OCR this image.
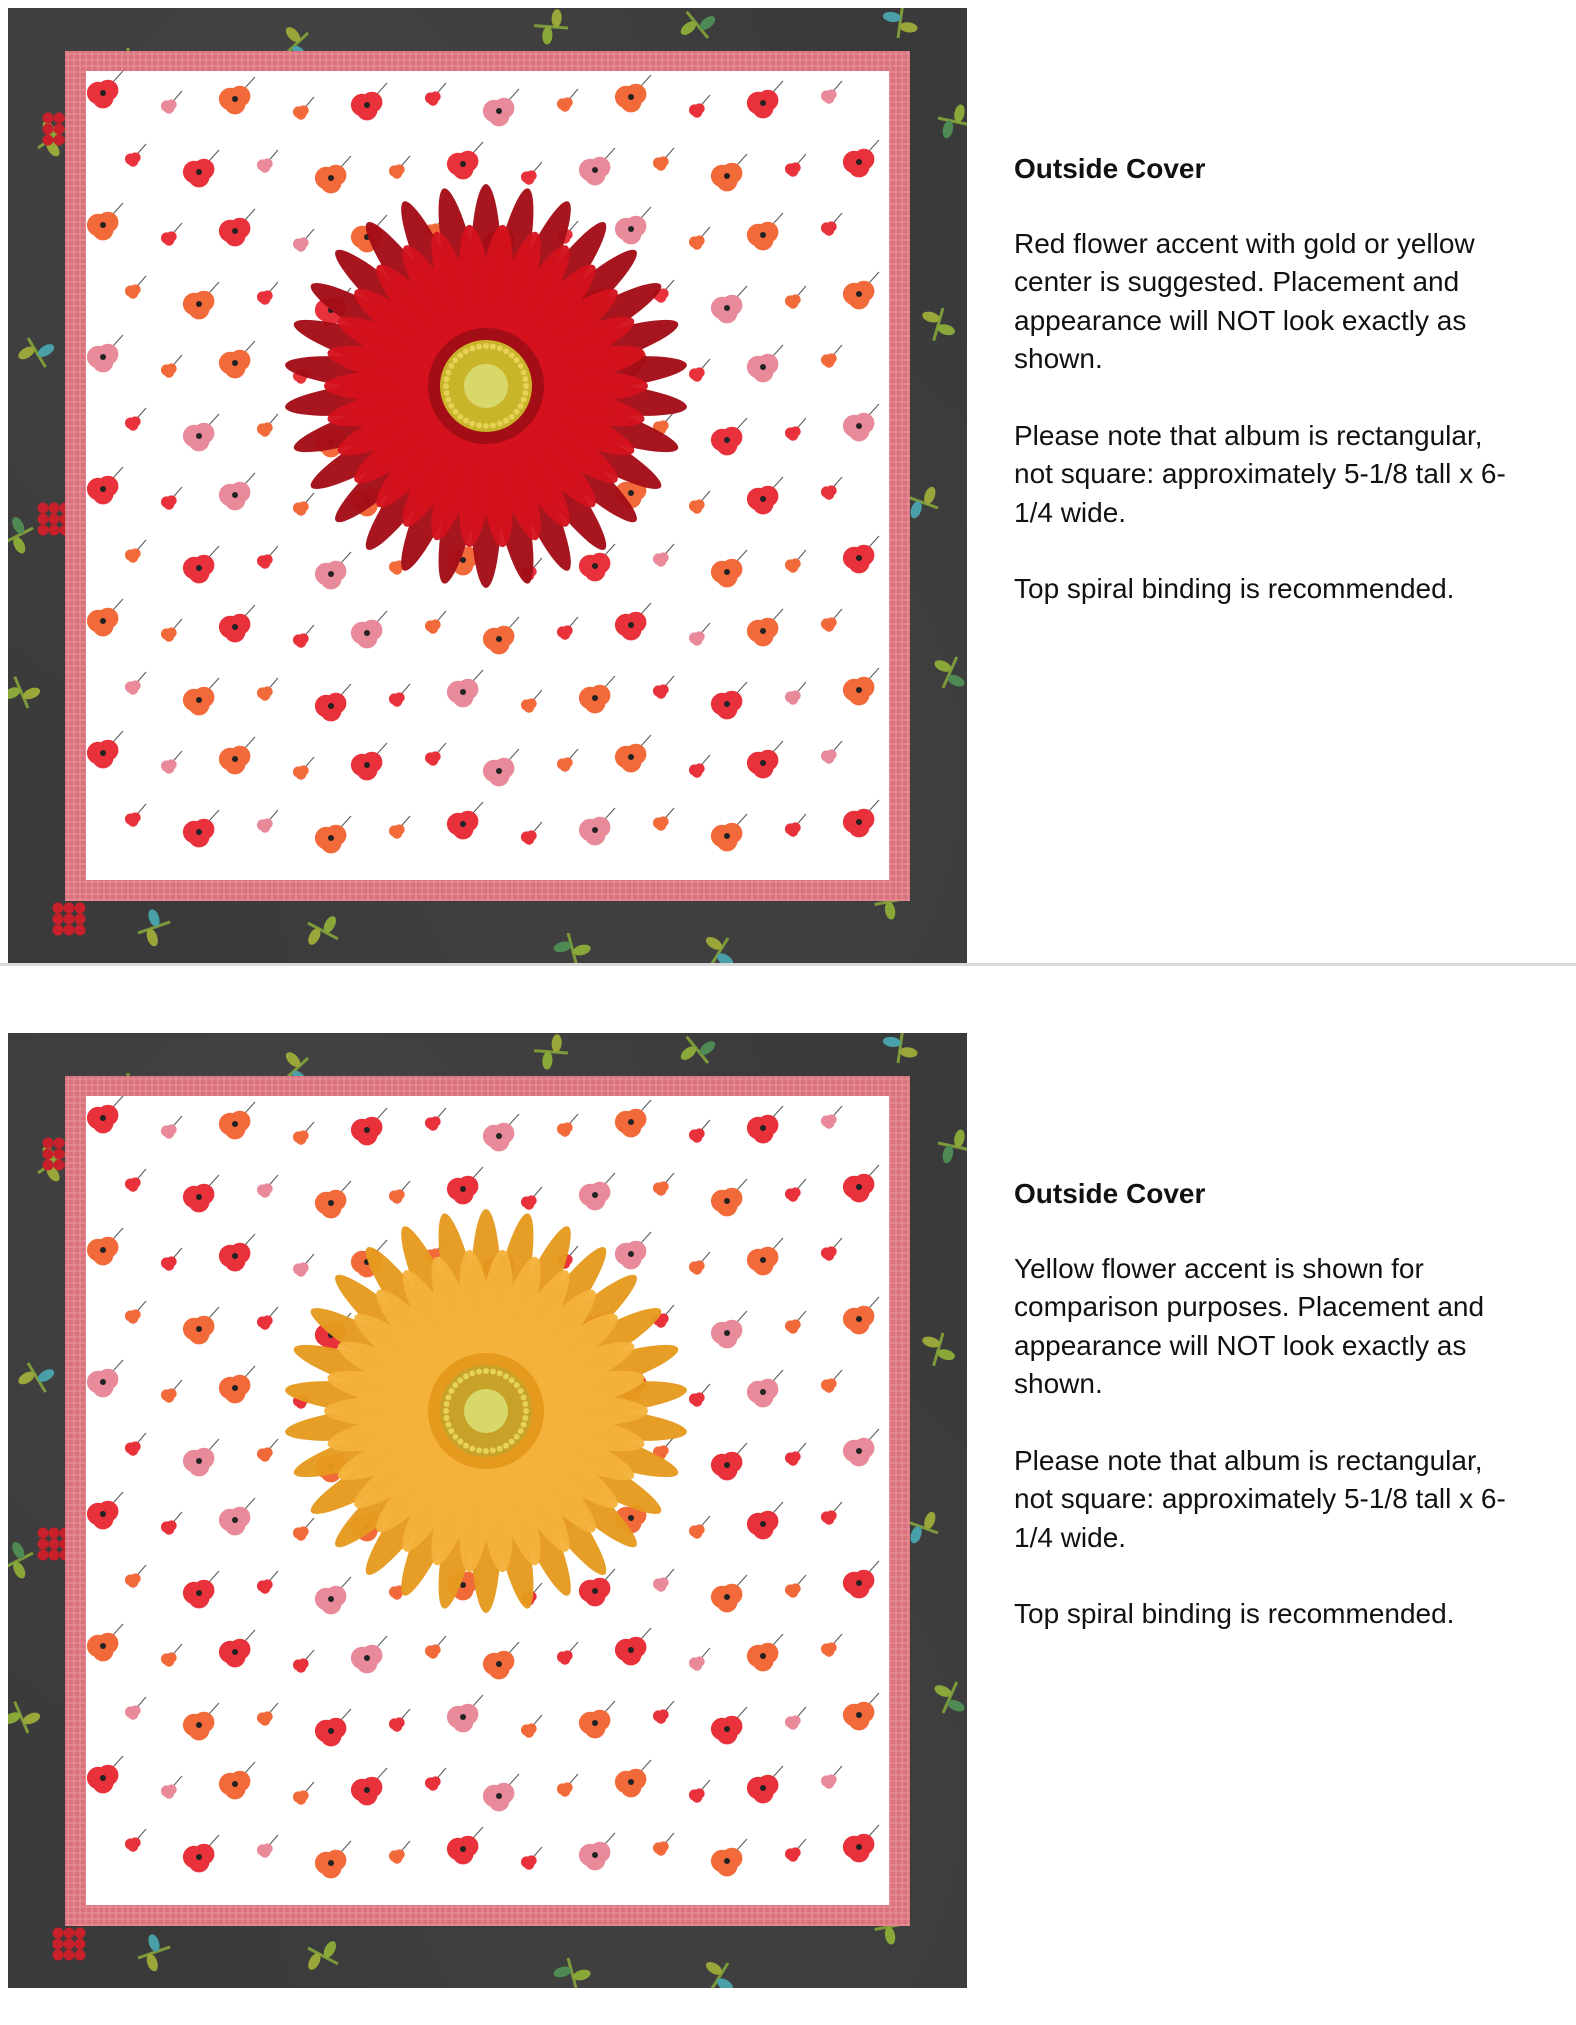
Outside Cover

Red flower accent with gold or yellow center is suggested. Placement and appearance will NOT look exactly as shown.

Please note that album is rectangular, not square: approximately 5-1/8 tall x 6-1/4 wide.

Top spiral binding is recommended.

Outside Cover

Yellow flower accent is shown for comparison purposes. Placement and appearance will NOT look exactly as shown.

Please note that album is rectangular, not square: approximately 5-1/8 tall x 6-1/4 wide.

Top spiral binding is recommended.
